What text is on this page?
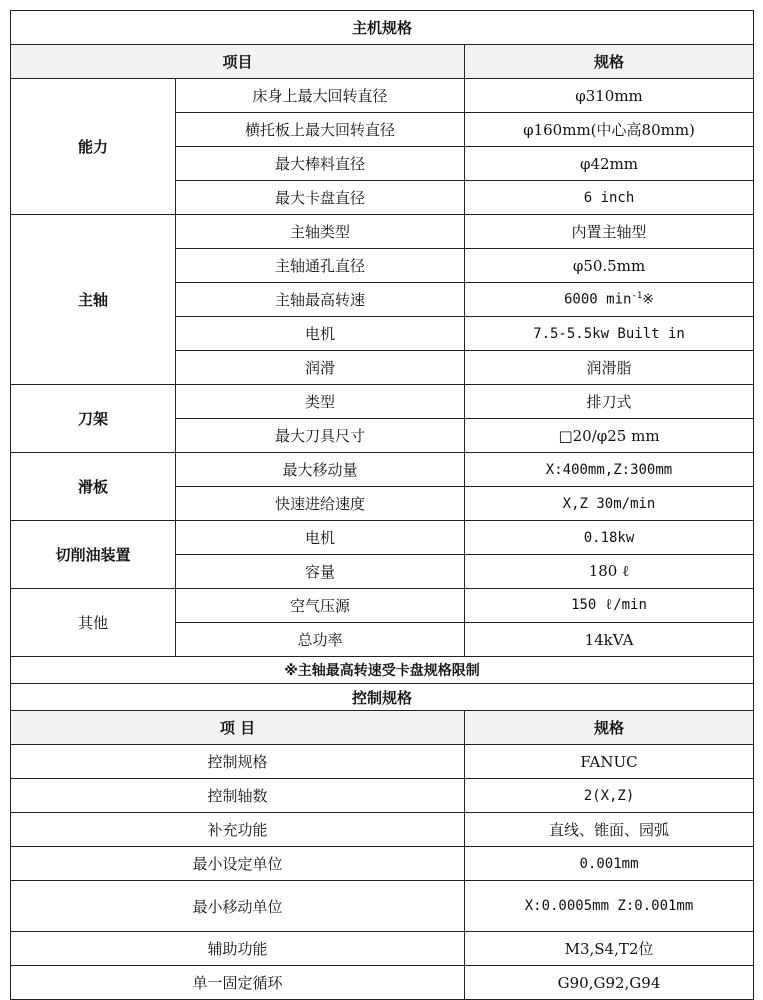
主机规格		
项目		规格
能力	床身上最大回转直径	φ310mm
	横托板上最大回转直径	φ160mm(中心高80mm)
	最大棒料直径	φ42mm
	最大卡盘直径	6 inch
主轴	主轴类型	内置主轴型
	主轴通孔直径	φ50.5mm
	主轴最高转速	6000 $\min^{-1}※$
	电机	7.5-5.5kw Built in
	润滑	润滑脂
刀架	类型	排刀式
	最大刀具尺寸	□20/φ25 mm
滑板	最大移动量	X:400mm,Z:300mm
	快速进给速度	X,Z 30m/min
切削油装置	电机	0.18kw
	容量	180 ℓ
其他	空气压源	150 ℓ/min
	总功率	14kVA
※主轴最高转速受卡盘规格限制		
控制规格		
项 目		规格
控制规格		FANUC
控制轴数		2(X,Z)
补充功能		直线、锥面、园弧
最小设定单位		0.001mm
最小移动单位		X:0.0005mm Z:0.001mm
辅助功能		M3,S4,T2位
单一固定循环		G90,G92,G94
